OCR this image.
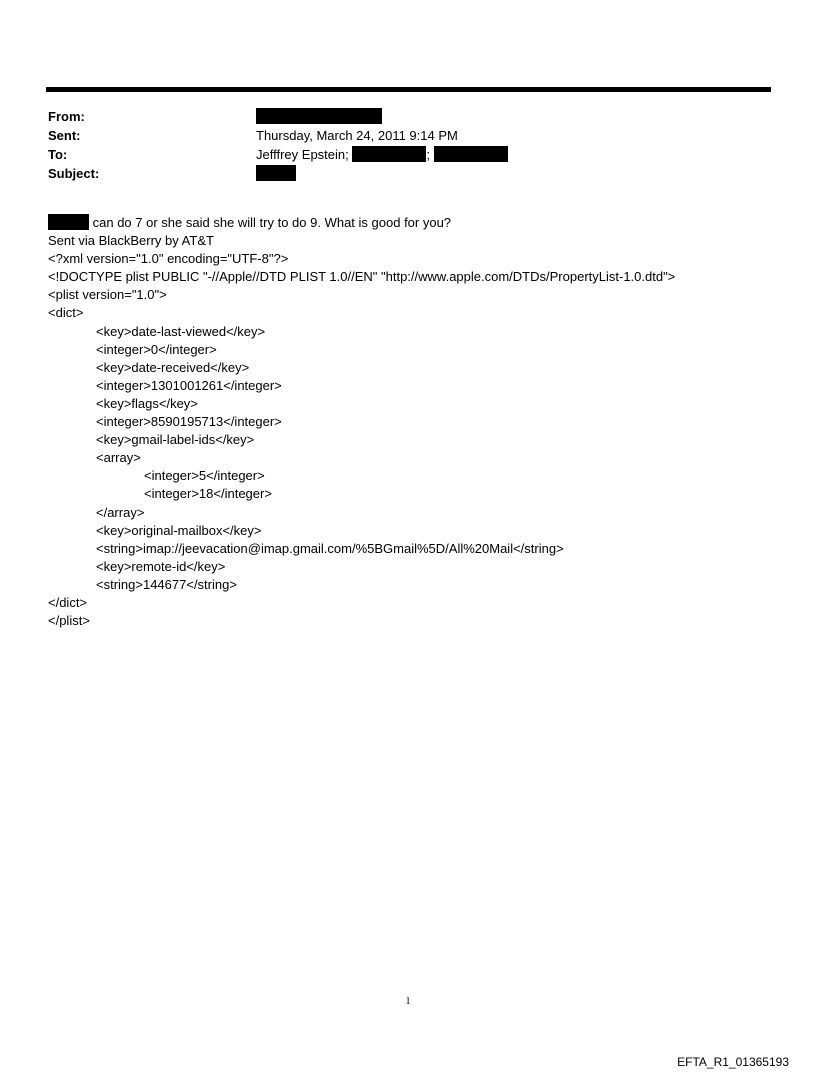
From:
Sent:	Thursday, March 24, 2011 9:14 PM
To:	Jefffrey Epstein;	;
Subject:
can do 7 or she said she will try to do 9. What is good for you?
Sent via BlackBerry by AT&T
<?xml version="1.0" encoding="UTF-8"?>
<!DOCTYPE plist PUBLIC "-//Apple//DTD PLIST 1.0//EN" "http://www.apple.com/DTDs/PropertyList-1.0.dtd">
<plist version="1.0">
<dict>
<key>date-last-viewed</key>
<integer>0</integer>
<key>date-received</key>
<integer>1301001261</integer>
<key>flags</key>
<integer>8590195713</integer>
<key>gmail-label-ids</key>
<array>
<integer>5</integer>
<integer>18</integer>
</array>
<key>original-mailbox</key>
<string>imap://jeevacation@imap.gmail.com/%5BGmail%5D/All%20Mail</string>
<key>remote-id</key>
<string>144677</string>
</dict>
</plist>
1
EFTA_R1_01365193
